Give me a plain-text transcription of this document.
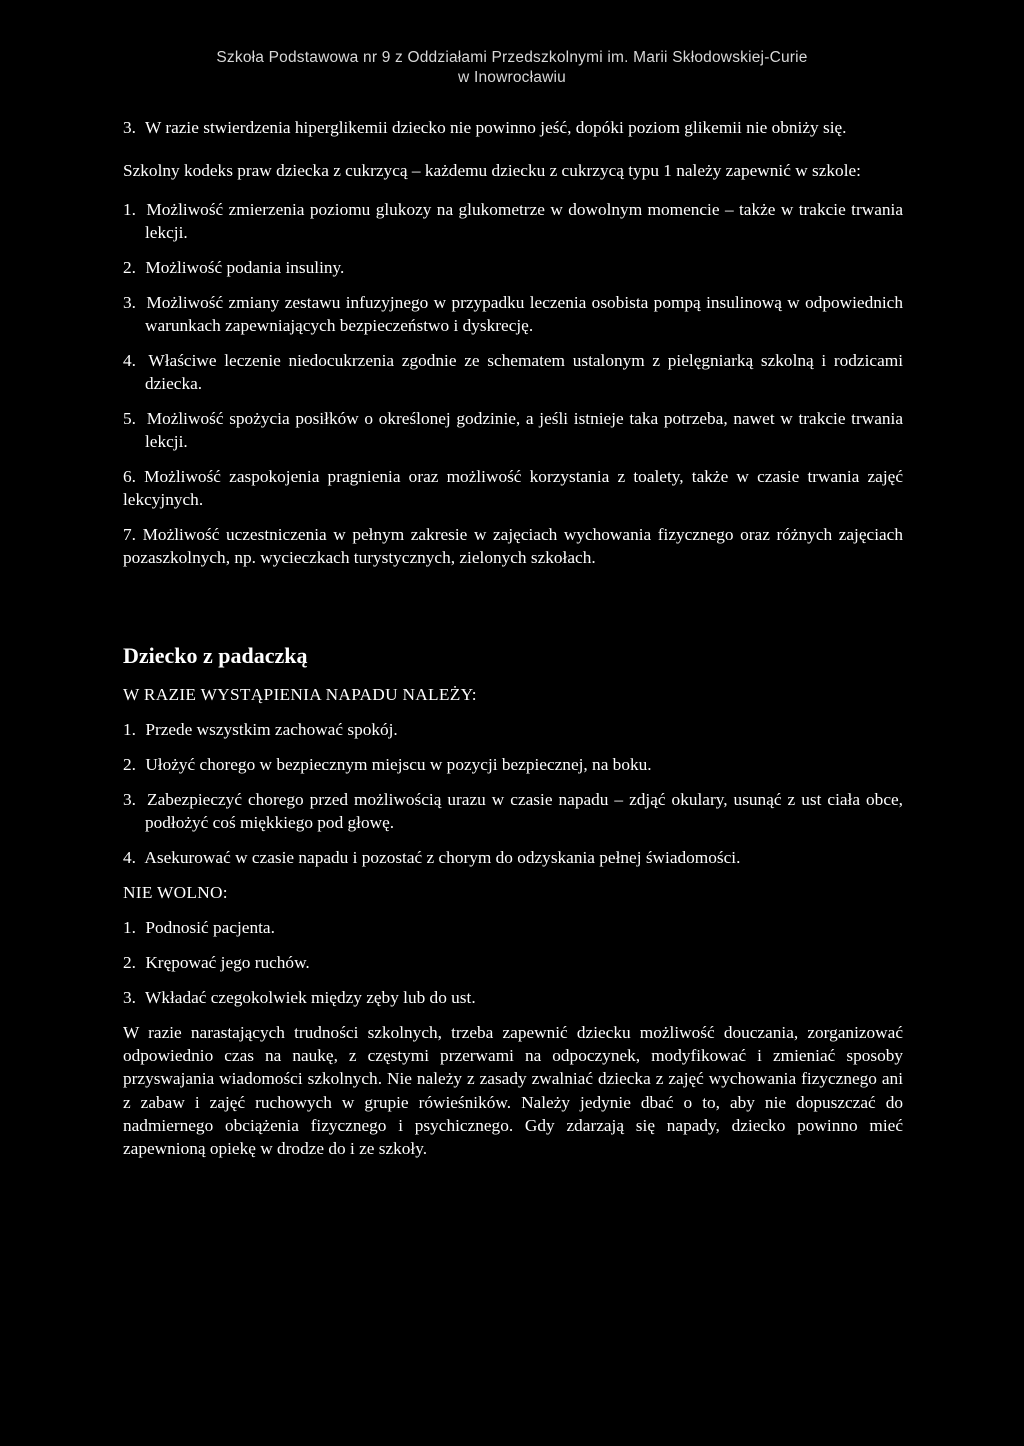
Szkoła Podstawowa nr 9 z Oddziałami Przedszkolnymi im. Marii Skłodowskiej-Curie
w Inowrocławiu
3. W razie stwierdzenia hiperglikemii dziecko nie powinno jeść, dopóki poziom glikemii nie obniży się.

Szkolny kodeks praw dziecka z cukrzycą – każdemu dziecku z cukrzycą typu 1 należy zapewnić w szkole:

1. Możliwość zmierzenia poziomu glukozy na glukometrze w dowolnym momencie – także w trakcie trwania lekcji.
2. Możliwość podania insuliny.
3. Możliwość zmiany zestawu infuzyjnego w przypadku leczenia osobista pompą insulinową w odpowiednich warunkach zapewniających bezpieczeństwo i dyskrecję.
4. Właściwe leczenie niedocukrzenia zgodnie ze schematem ustalonym z pielęgniarką szkolną i rodzicami dziecka.
5. Możliwość spożycia posiłków o określonej godzinie, a jeśli istnieje taka potrzeba, nawet w trakcie trwania lekcji.
6. Możliwość zaspokojenia pragnienia oraz możliwość korzystania z toalety, także w czasie trwania zajęć lekcyjnych.
7. Możliwość uczestniczenia w pełnym zakresie w zajęciach wychowania fizycznego oraz różnych zajęciach pozaszkolnych, np. wycieczkach turystycznych, zielonych szkołach.
Dziecko z padaczką
W RAZIE WYSTĄPIENIA NAPADU NALEŻY:
1. Przede wszystkim zachować spokój.
2. Ułożyć chorego w bezpiecznym miejscu w pozycji bezpiecznej, na boku.
3. Zabezpieczyć chorego przed możliwością urazu w czasie napadu – zdjąć okulary, usunąć z ust ciała obce, podłożyć coś miękkiego pod głowę.
4. Asekurować w czasie napadu i pozostać z chorym do odzyskania pełnej świadomości.
NIE WOLNO:
1. Podnosić pacjenta.
2. Krępować jego ruchów.
3. Wkładać czegokolwiek między zęby lub do ust.

W razie narastających trudności szkolnych, trzeba zapewnić dziecku możliwość douczania, zorganizować odpowiednio czas na naukę, z częstymi przerwami na odpoczynek, modyfikować i zmieniać sposoby przyswajania wiadomości szkolnych. Nie należy z zasady zwalniać dziecka z zajęć wychowania fizycznego ani z zabaw i zajęć ruchowych w grupie rówieśników. Należy jedynie dbać o to, aby nie dopuszczać do nadmiernego obciążenia fizycznego i psychicznego. Gdy zdarzają się napady, dziecko powinno mieć zapewnioną opiekę w drodze do i ze szkoły.
